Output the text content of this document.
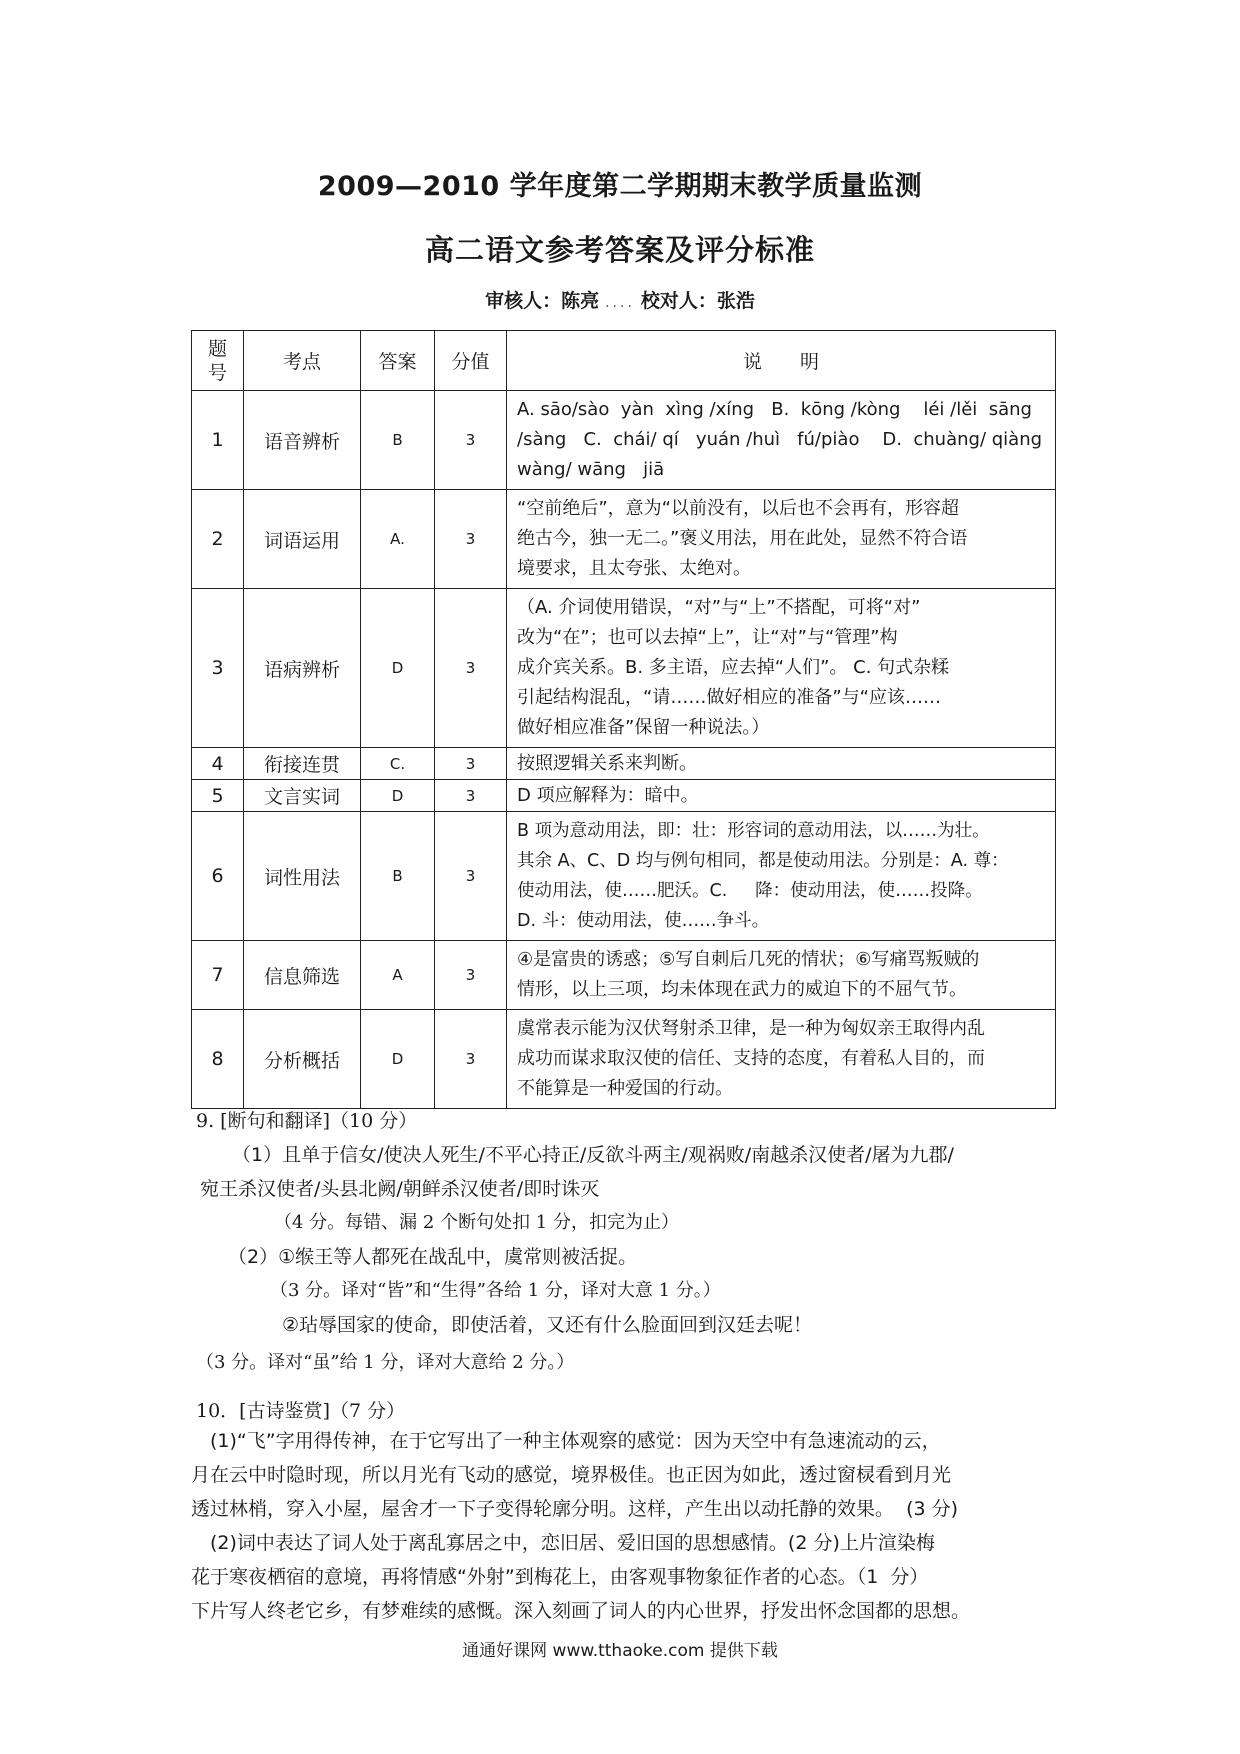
2009—2010 学年度第二学期期末教学质量监测
高二语文参考答案及评分标准
审核人：陈亮 .... 校对人：张浩
题
号	考点	答案	分值	说　　明
1	语音辨析	B	3	A. sāo/sào  yàn  xìng /xíng   B.  kōng /kòng    léi /lěi  sāng
/sàng   C.  chái/ qí   yuán /huì   fú/piào    D.  chuàng/ qiàng
wàng/ wāng   jiā

2	词语运用	A.	3	“空前绝后”，意为“以前没有，以后也不会再有，形容超
绝古今，独一无二。”褒义用法，用在此处，显然不符合语
境要求，且太夸张、太绝对。

3	语病辨析	D	3	（A. 介词使用错误，“对”与“上”不搭配，可将“对”
改为“在”；也可以去掉“上”，让“对”与“管理”构
成介宾关系。B. 多主语，应去掉“人们”。 C. 句式杂糅
引起结构混乱，“请……做好相应的准备”与“应该……
做好相应准备”保留一种说法。）

4	衔接连贯	C.	3	按照逻辑关系来判断。

5	文言实词	D	3	D 项应解释为：暗中。

6	词性用法	B	3	B 项为意动用法，即：壮：形容词的意动用法，以……为壮。
其余 A、C、D 均与例句相同，都是使动用法。分别是：A. 尊：
使动用法，使……肥沃。C.     降：使动用法，使……投降。
D. 斗：使动用法，使……争斗。

7	信息筛选	A	3	④是富贵的诱惑；⑤写自刺后几死的情状；⑥写痛骂叛贼的
情形，以上三项，均未体现在武力的威迫下的不屈气节。

8	分析概括	D	3	虞常表示能为汉伏弩射杀卫律，是一种为匈奴亲王取得内乱
成功而谋求取汉使的信任、支持的态度，有着私人目的，而
不能算是一种爱国的行动。
9. [断句和翻译]（10 分）
（1）且单于信女/使决人死生/不平心持正/反欲斗两主/观祸败/南越杀汉使者/屠为九郡/
宛王杀汉使者/头县北阙/朝鲜杀汉使者/即时诛灭
（4 分。每错、漏 2 个断句处扣 1 分，扣完为止）
（2）①缑王等人都死在战乱中，虞常则被活捉。
（3 分。译对“皆”和“生得”各给 1 分，译对大意 1 分。）
②玷辱国家的使命，即使活着，又还有什么脸面回到汉廷去呢！
（3 分。译对“虽”给 1 分，译对大意给 2 分。）
10．[古诗鉴赏]（7 分）
　(1)“飞”字用得传神，在于它写出了一种主体观察的感觉：因为天空中有急速流动的云，
月在云中时隐时现，所以月光有飞动的感觉，境界极佳。也正因为如此，透过窗棂看到月光
透过林梢，穿入小屋，屋舍才一下子变得轮廓分明。这样，产生出以动托静的效果。  (3 分)
　(2)词中表达了词人处于离乱寡居之中，恋旧居、爱旧国的思想感情。(2 分)上片渲染梅
花于寒夜栖宿的意境，再将情感“外射”到梅花上，由客观事物象征作者的心态。（1  分）
下片写人终老它乡，有梦难续的感慨。深入刻画了词人的内心世界，抒发出怀念国都的思想。
通通好课网 www.tthaoke.com 提供下载
